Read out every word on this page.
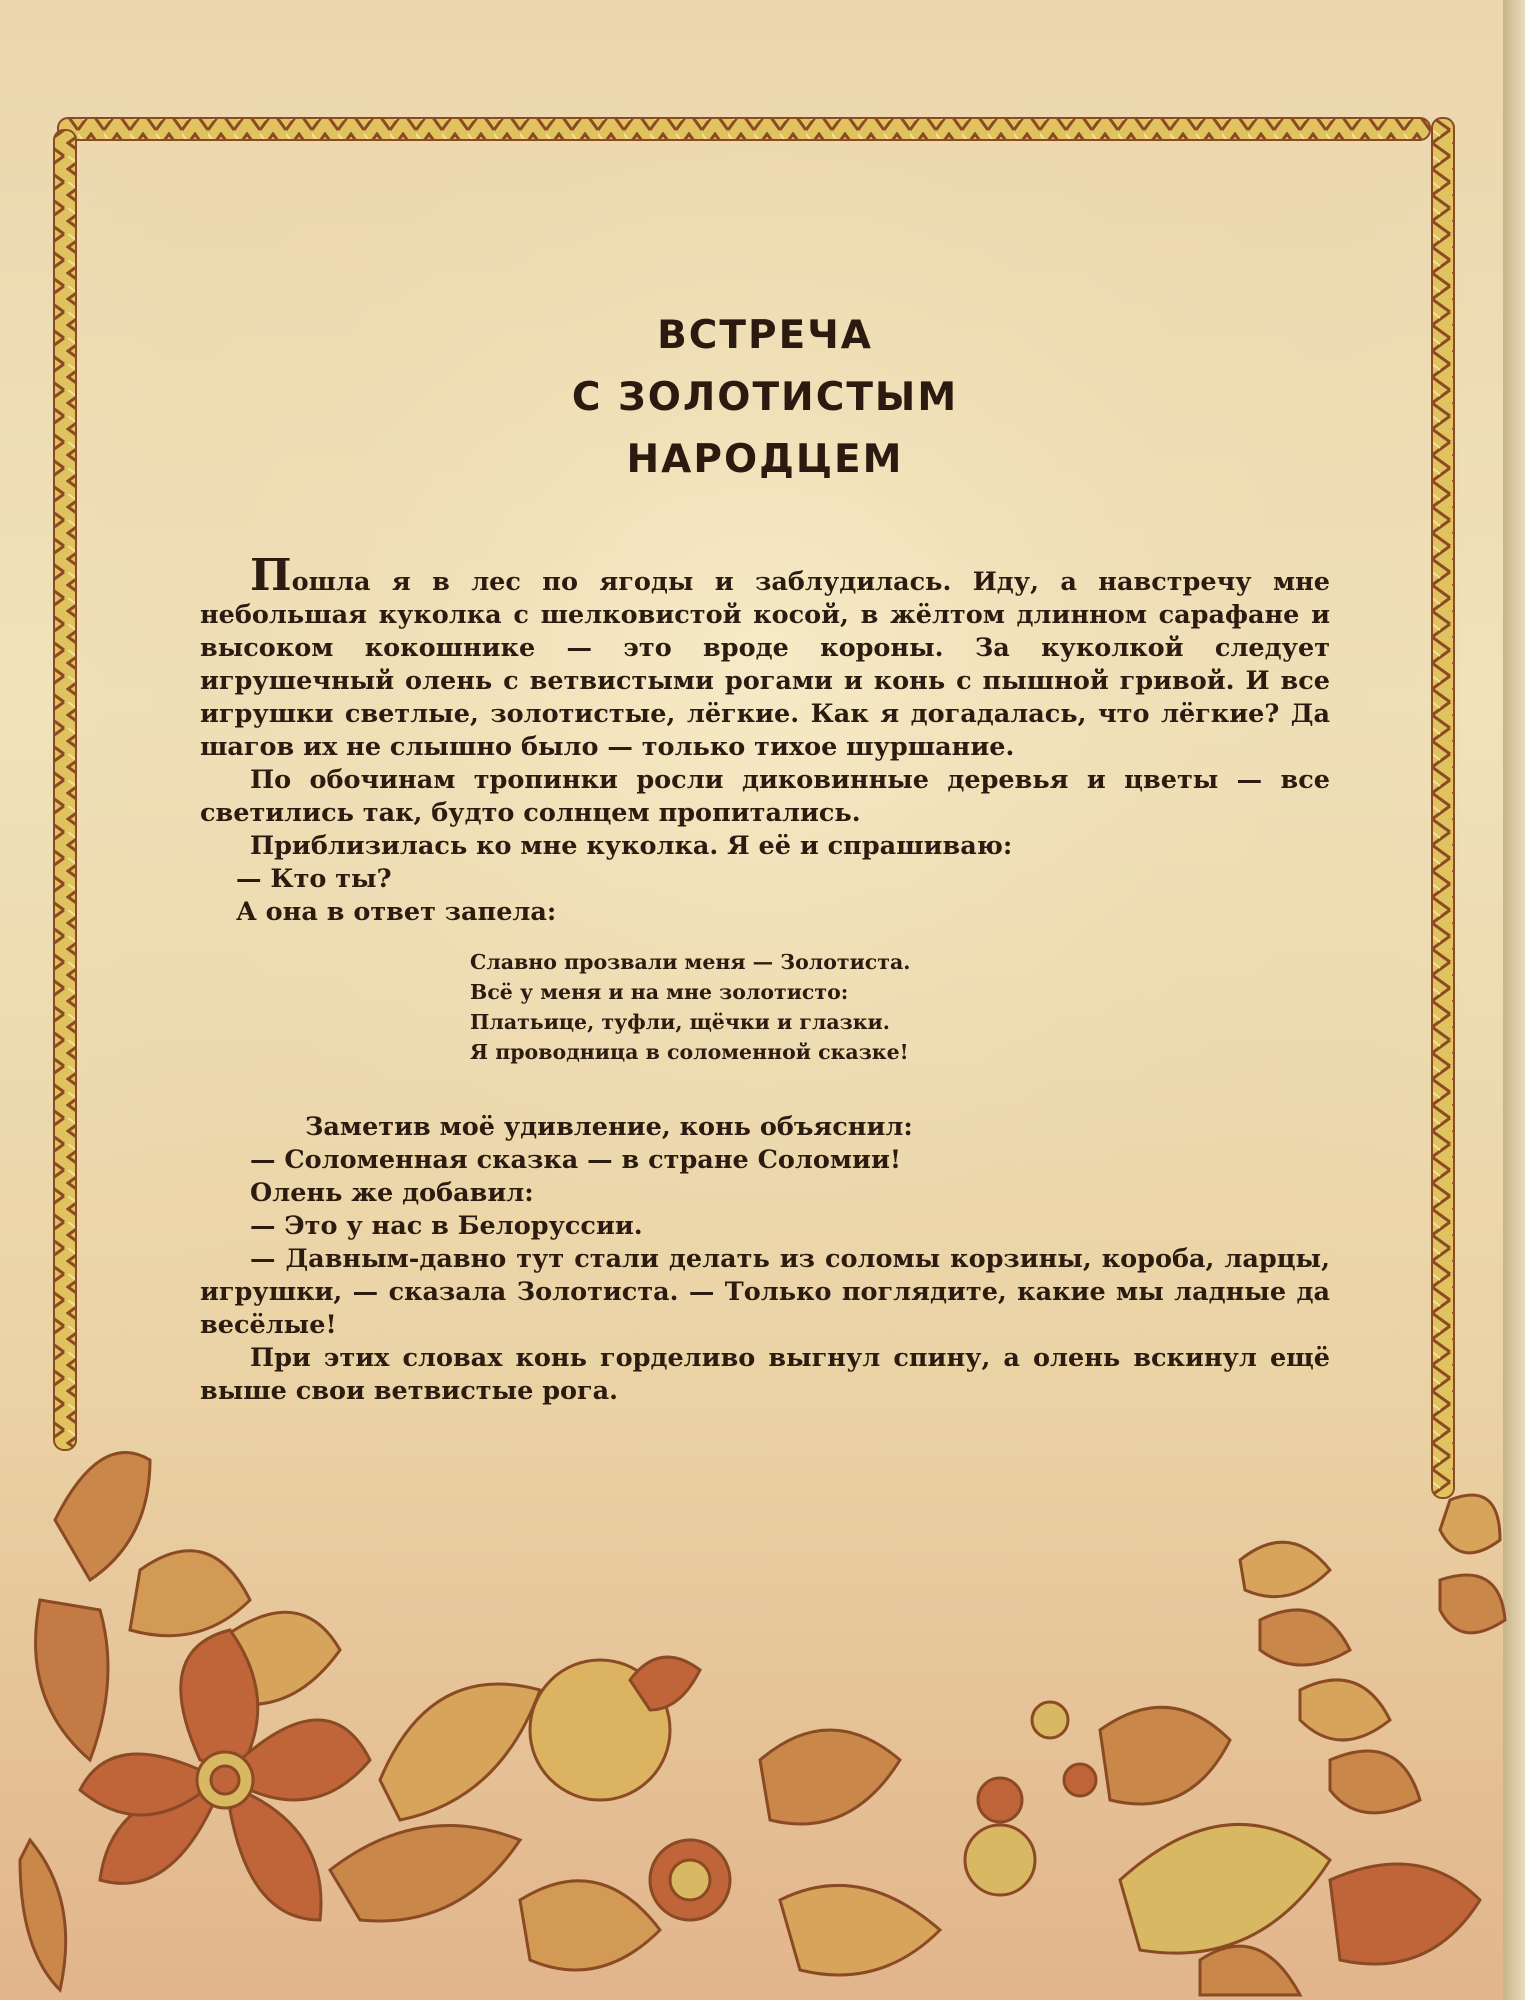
ВСТРЕЧА
С ЗОЛОТИСТЫМ
НАРОДЦЕМ

Пошла я в лес по ягоды и заблудилась. Иду, а навстречу мне небольшая куколка с шелковистой косой, в жёлтом длинном сарафане и высоком кокошнике — это вроде короны. За куколкой следует игрушечный олень с ветвистыми рогами и конь с пышной гривой. И все игрушки светлые, золотистые, лёгкие. Как я догадалась, что лёгкие? Да шагов их не слышно было — только тихое шуршание.

По обочинам тропинки росли диковинные деревья и цветы — все светились так, будто солнцем пропитались.

Приблизилась ко мне куколка. Я её и спрашиваю:

— Кто ты?

А она в ответ запела:

Славно прозвали меня — Золотиста.
Всё у меня и на мне золотисто:
Платьице, туфли, щёчки и глазки.
Я проводница в соломенной сказке!

Заметив моё удивление, конь объяснил:

— Соломенная сказка — в стране Соломии!

Олень же добавил:

— Это у нас в Белоруссии.

— Давным-давно тут стали делать из соломы корзины, короба, ларцы, игрушки, — сказала Золотиста. — Только поглядите, какие мы ладные да весёлые!

При этих словах конь горделиво выгнул спину, а олень вскинул ещё выше свои ветвистые рога.
